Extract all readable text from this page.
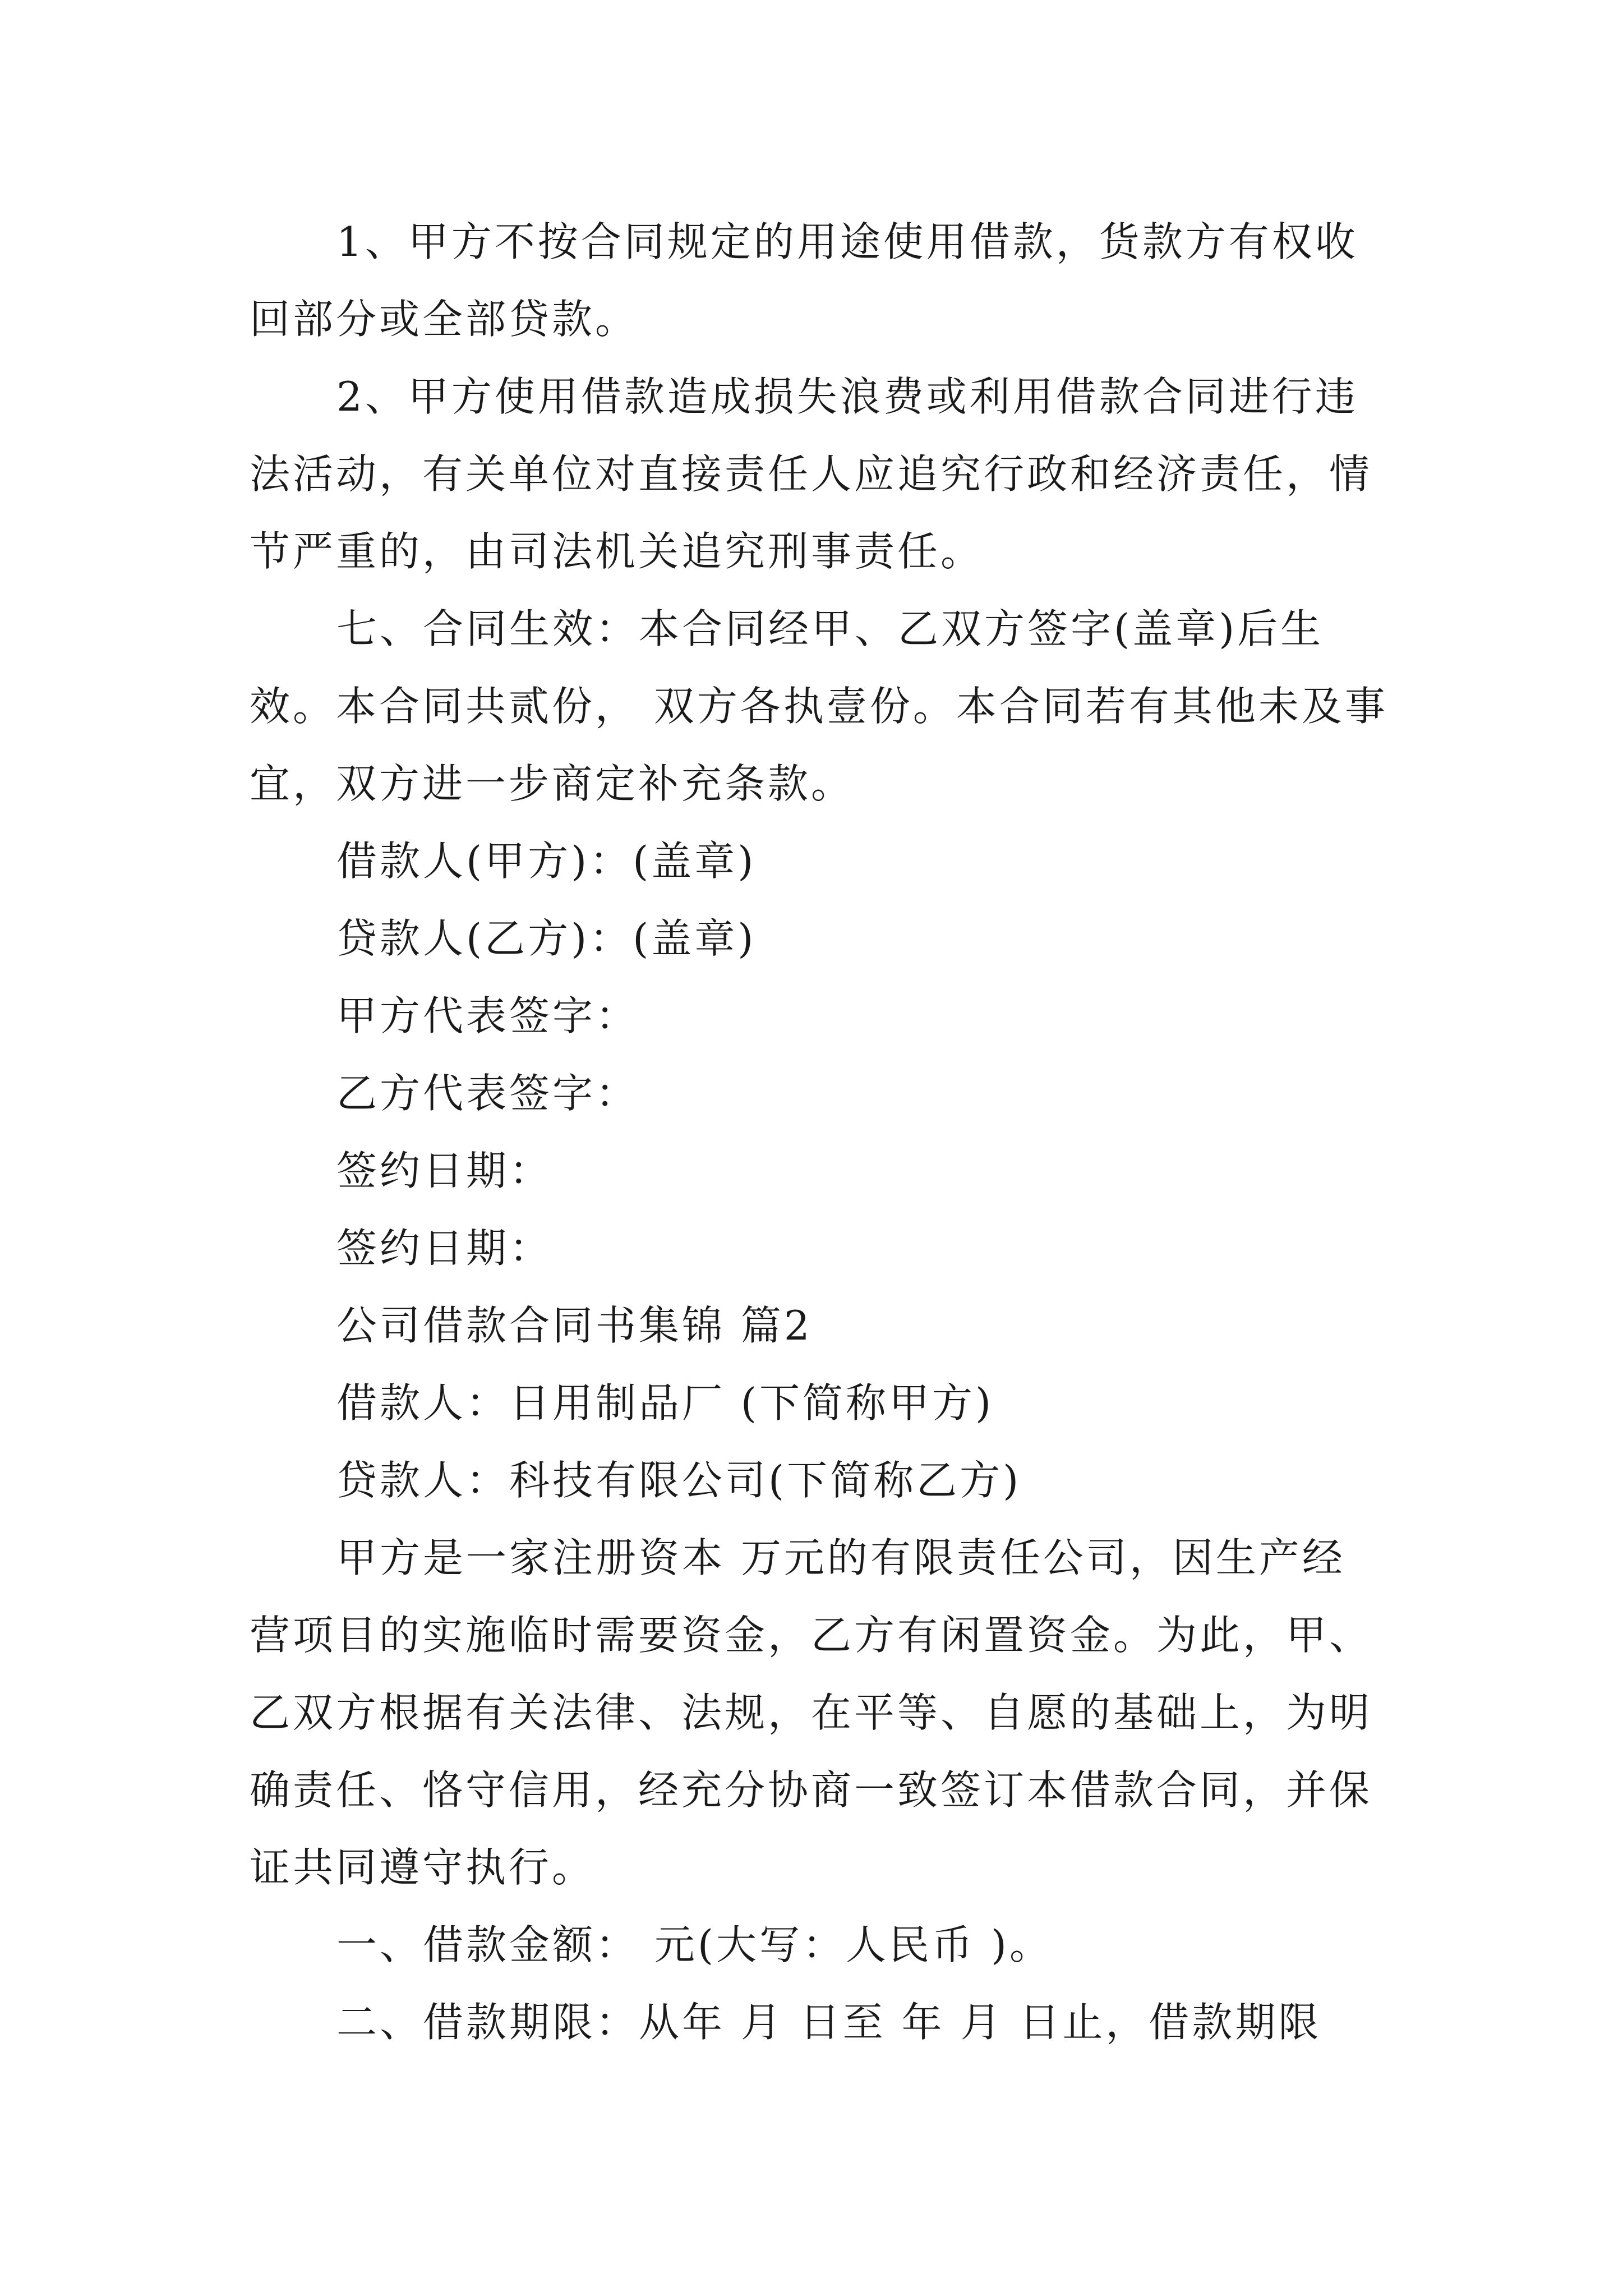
1、甲方不按合同规定的用途使用借款，货款方有权收回部分或全部贷款。

2、甲方使用借款造成损失浪费或利用借款合同进行违法活动，有关单位对直接责任人应追究行政和经济责任，情节严重的，由司法机关追究刑事责任。

七、合同生效：本合同经甲、乙双方签字(盖章)后生效。本合同共贰份， 双方各执壹份。本合同若有其他未及事宜，双方进一步商定补充条款。

借款人(甲方)：(盖章)

贷款人(乙方)：(盖章)

甲方代表签字：

乙方代表签字：

签约日期：

签约日期：

公司借款合同书集锦 篇2

借款人：日用制品厂 (下简称甲方)

贷款人：科技有限公司(下简称乙方)

甲方是一家注册资本 万元的有限责任公司，因生产经营项目的实施临时需要资金，乙方有闲置资金。为此，甲、乙双方根据有关法律、法规，在平等、自愿的基础上，为明确责任、恪守信用，经充分协商一致签订本借款合同，并保证共同遵守执行。

一、借款金额： 元(大写：人民币 )。

二、借款期限：从年 月 日至 年 月 日止，借款期限
